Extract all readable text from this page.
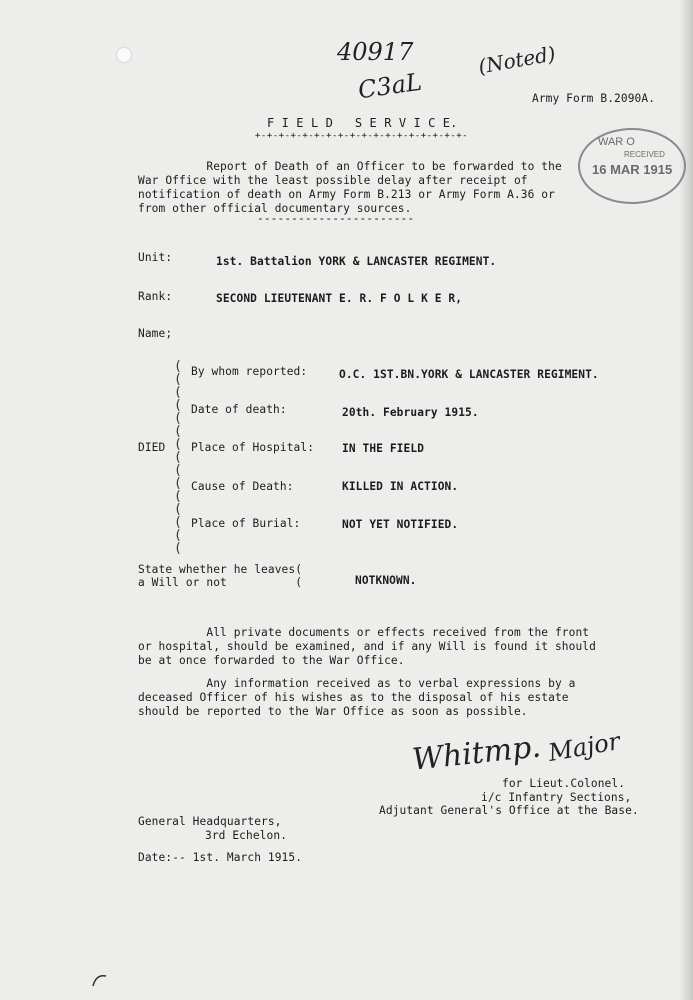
40917
C3aL
(Noted)
Army Form B.2090A.
F I E L D   S E R V I C E.
+-+-+-+-+-+-+-+-+-+-+-+-+-+-+-+-+-+-	WAR O
RECEIVED
16 MAR 1915
Report of Death of an Officer to be forwarded to the
War Office with the least possible delay after receipt of
notification of death on Army Form B.213 or Army Form A.36 or
from other official documentary sources.
-----------------------
Unit:	1st. Battalion YORK & LANCASTER REGIMENT.
Rank:	SECOND LIEUTENANT E. R. F O L K E R,
Name;
(
(
(
(
(
(
(
(
(
(
(
(
(
(
(
DIED
By whom reported:	O.C. 1ST.BN.YORK & LANCASTER REGIMENT.
Date of death:	20th. February 1915.
Place of Hospital: IN THE FIELD
Cause of Death:	KILLED IN ACTION.
Place of Burial:	NOT YET NOTIFIED.
State whether he leaves(
a Will or not          (	NOTKNOWN.
All private documents or effects received from the front
or hospital, should be examined, and if any Will is found it should
be at once forwarded to the War Office.
Any information received as to verbal expressions by a
deceased Officer of his wishes as to the disposal of his estate
should be reported to the War Office as soon as possible.
Whitmp. Major
for Lieut.Colonel.
i/c Infantry Sections,
Adjutant General's Office at the Base.
General Headquarters,
3rd Echelon.
Date:-- 1st. March 1915.
